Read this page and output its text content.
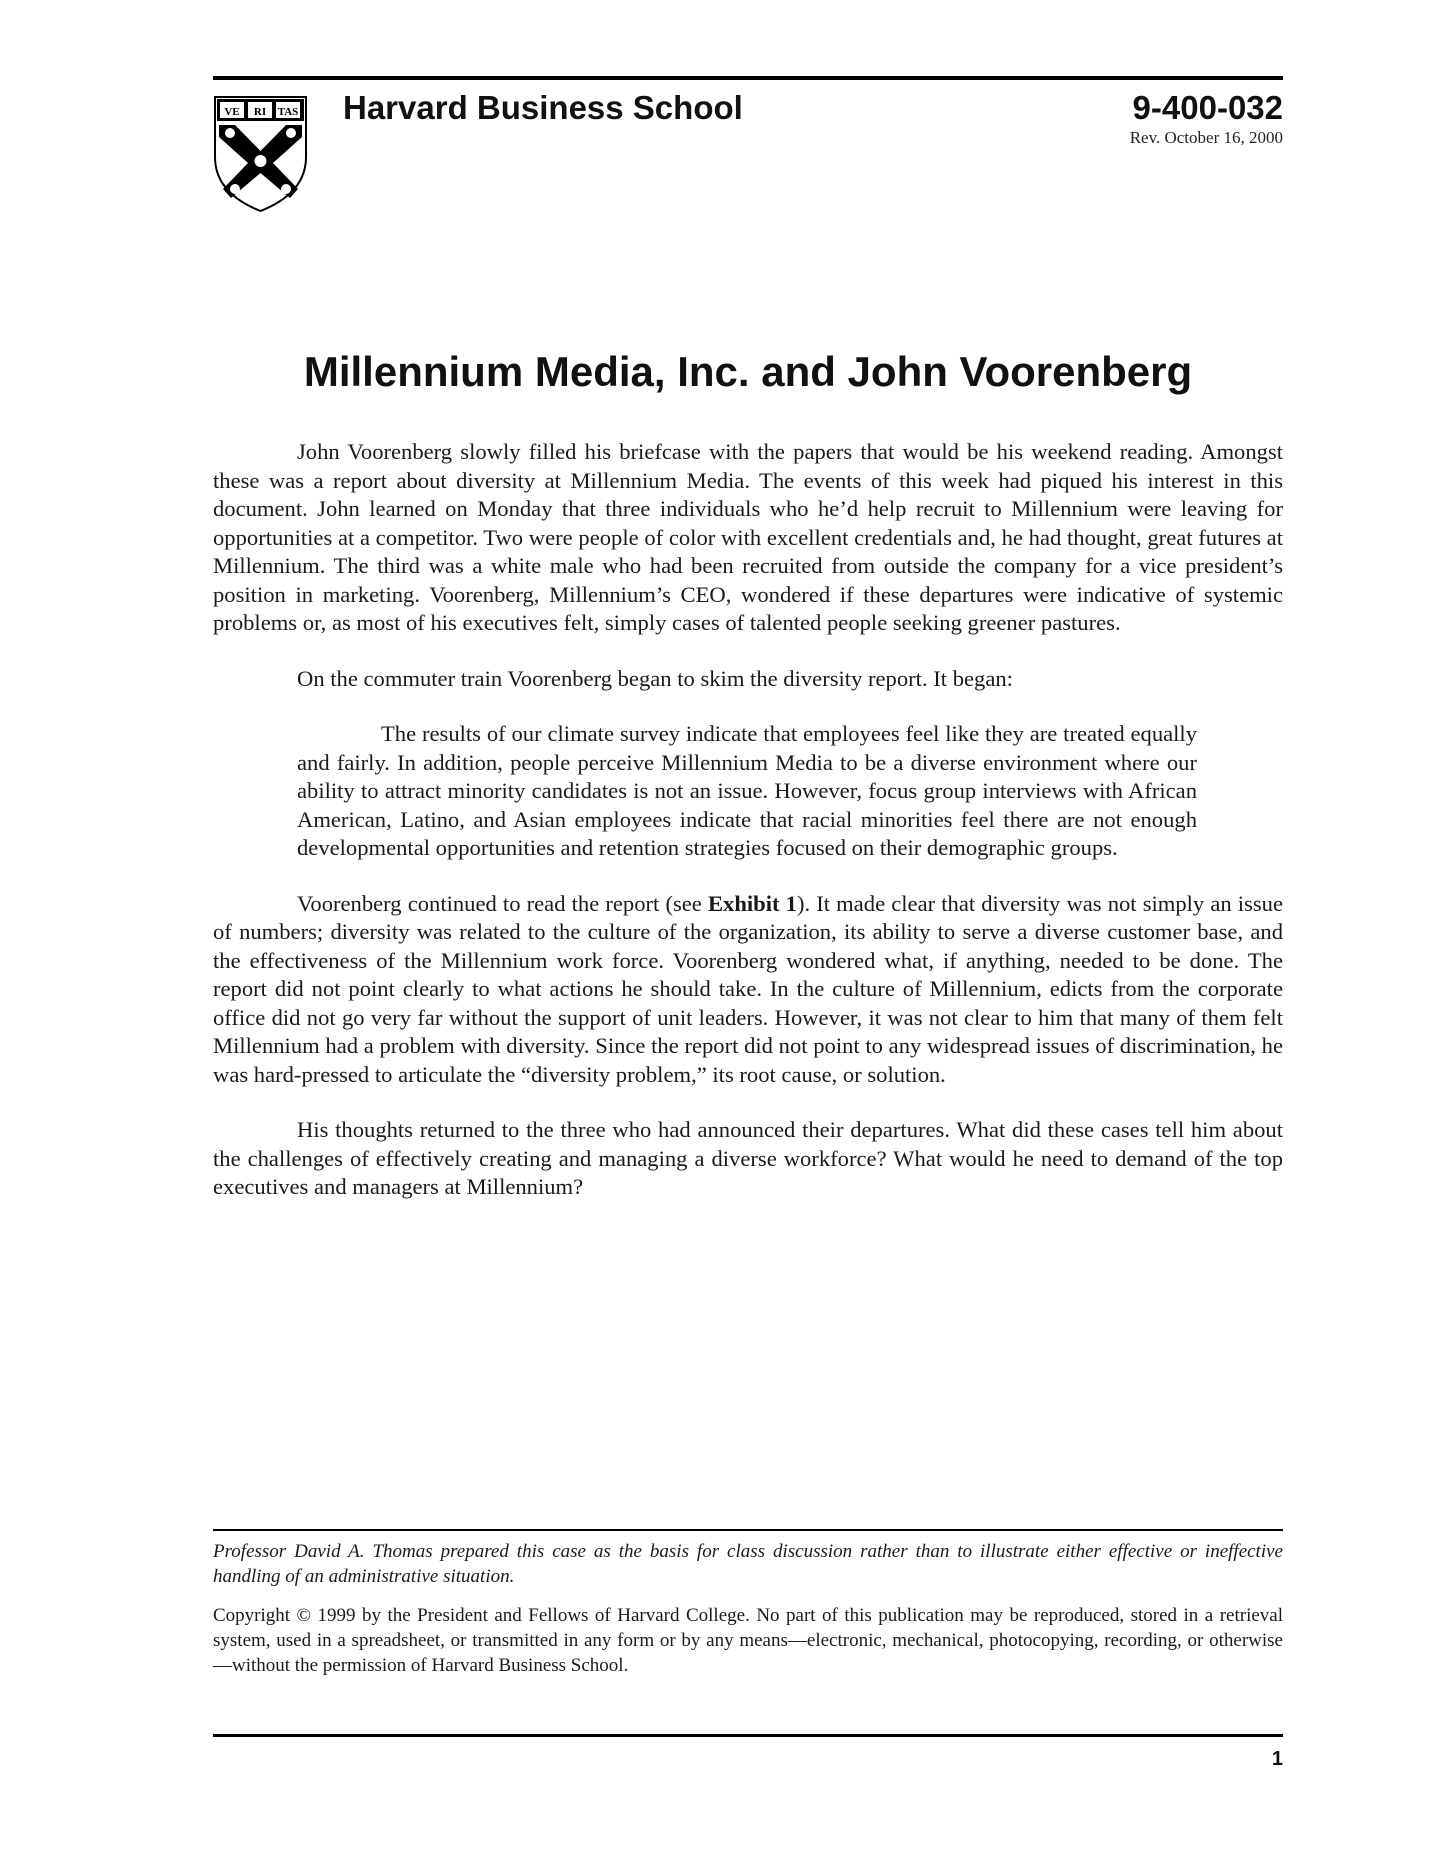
VE RI TAS Harvard Business School	9-400-032
Rev. October 16, 2000
Millennium Media, Inc. and John Voorenberg

John Voorenberg slowly filled his briefcase with the papers that would be his weekend reading. Amongst these was a report about diversity at Millennium Media. The events of this week had piqued his interest in this document. John learned on Monday that three individuals who he’d help recruit to Millennium were leaving for opportunities at a competitor. Two were people of color with excellent credentials and, he had thought, great futures at Millennium. The third was a white male who had been recruited from outside the company for a vice president’s position in marketing. Voorenberg, Millennium’s CEO, wondered if these departures were indicative of systemic problems or, as most of his executives felt, simply cases of talented people seeking greener pastures.

On the commuter train Voorenberg began to skim the diversity report. It began:

The results of our climate survey indicate that employees feel like they are treated equally and fairly. In addition, people perceive Millennium Media to be a diverse environment where our ability to attract minority candidates is not an issue. However, focus group interviews with African American, Latino, and Asian employees indicate that racial minorities feel there are not enough developmental opportunities and retention strategies focused on their demographic groups.

Voorenberg continued to read the report (see Exhibit 1). It made clear that diversity was not simply an issue of numbers; diversity was related to the culture of the organization, its ability to serve a diverse customer base, and the effectiveness of the Millennium work force. Voorenberg wondered what, if anything, needed to be done. The report did not point clearly to what actions he should take. In the culture of Millennium, edicts from the corporate office did not go very far without the support of unit leaders. However, it was not clear to him that many of them felt Millennium had a problem with diversity. Since the report did not point to any widespread issues of discrimination, he was hard-pressed to articulate the “diversity problem,” its root cause, or solution.

His thoughts returned to the three who had announced their departures. What did these cases tell him about the challenges of effectively creating and managing a diverse workforce? What would he need to demand of the top executives and managers at Millennium?

Professor David A. Thomas prepared this case as the basis for class discussion rather than to illustrate either effective or ineffective handling of an administrative situation.

Copyright © 1999 by the President and Fellows of Harvard College. No part of this publication may be reproduced, stored in a retrieval system, used in a spreadsheet, or transmitted in any form or by any means—electronic, mechanical, photocopying, recording, or otherwise—without the permission of Harvard Business School.

1
